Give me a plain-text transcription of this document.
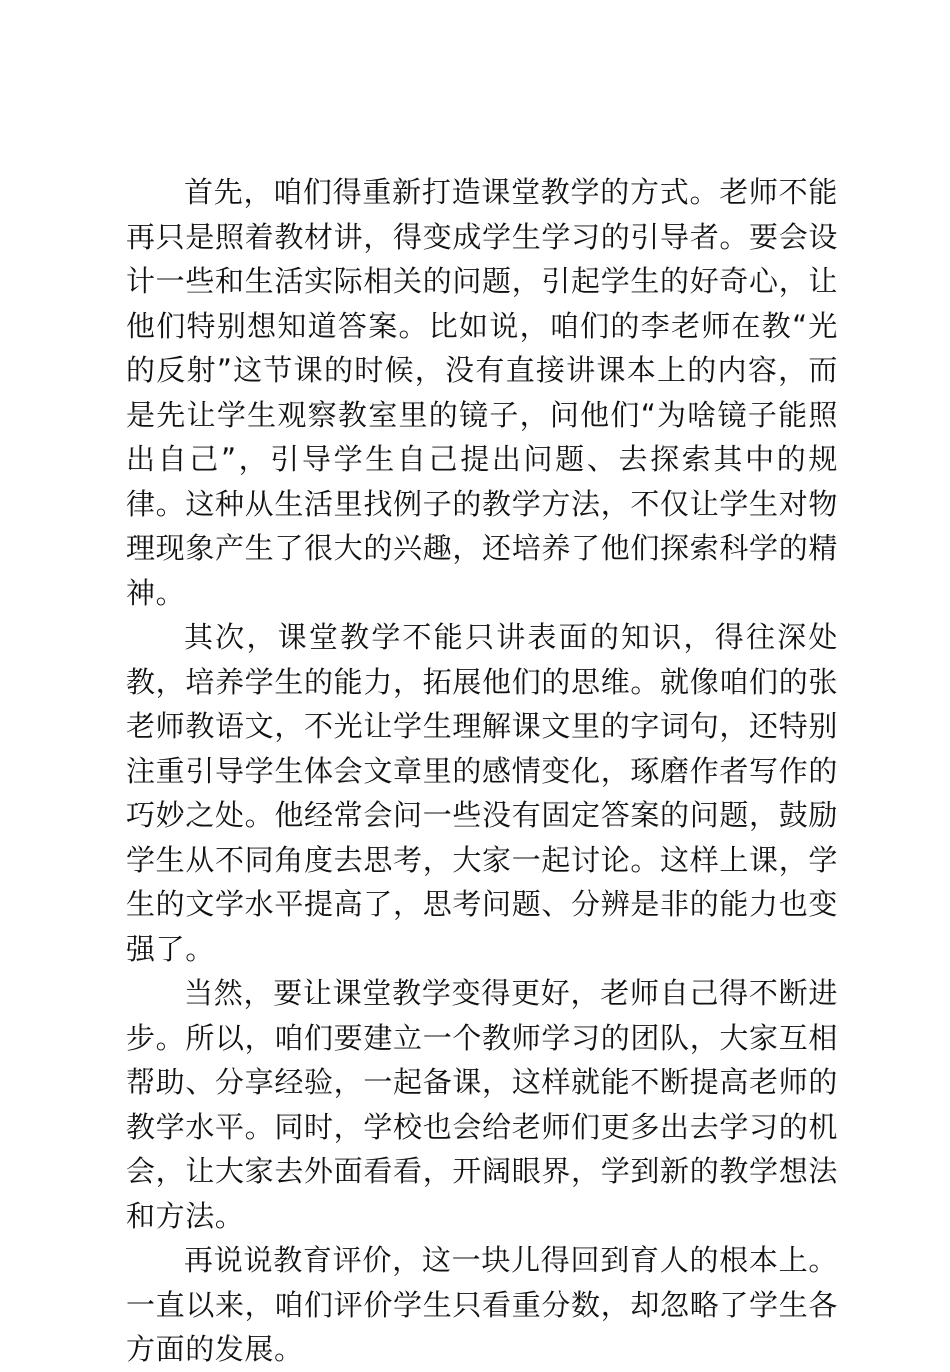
首先，咱们得重新打造课堂教学的方式。老师不能再只是照着教材讲，得变成学生学习的引导者。要会设计一些和生活实际相关的问题，引起学生的好奇心，让他们特别想知道答案。比如说，咱们的李老师在教“光的反射”这节课的时候，没有直接讲课本上的内容，而是先让学生观察教室里的镜子，问他们“为啥镜子能照出自己”，引导学生自己提出问题、去探索其中的规律。这种从生活里找例子的教学方法，不仅让学生对物理现象产生了很大的兴趣，还培养了他们探索科学的精神。

其次，课堂教学不能只讲表面的知识，得往深处教，培养学生的能力，拓展他们的思维。就像咱们的张老师教语文，不光让学生理解课文里的字词句，还特别注重引导学生体会文章里的感情变化，琢磨作者写作的巧妙之处。他经常会问一些没有固定答案的问题，鼓励学生从不同角度去思考，大家一起讨论。这样上课，学生的文学水平提高了，思考问题、分辨是非的能力也变强了。

当然，要让课堂教学变得更好，老师自己得不断进步。所以，咱们要建立一个教师学习的团队，大家互相帮助、分享经验，一起备课，这样就能不断提高老师的教学水平。同时，学校也会给老师们更多出去学习的机会，让大家去外面看看，开阔眼界，学到新的教学想法和方法。

再说说教育评价，这一块儿得回到育人的根本上。一直以来，咱们评价学生只看重分数，却忽略了学生各方面的发展。
